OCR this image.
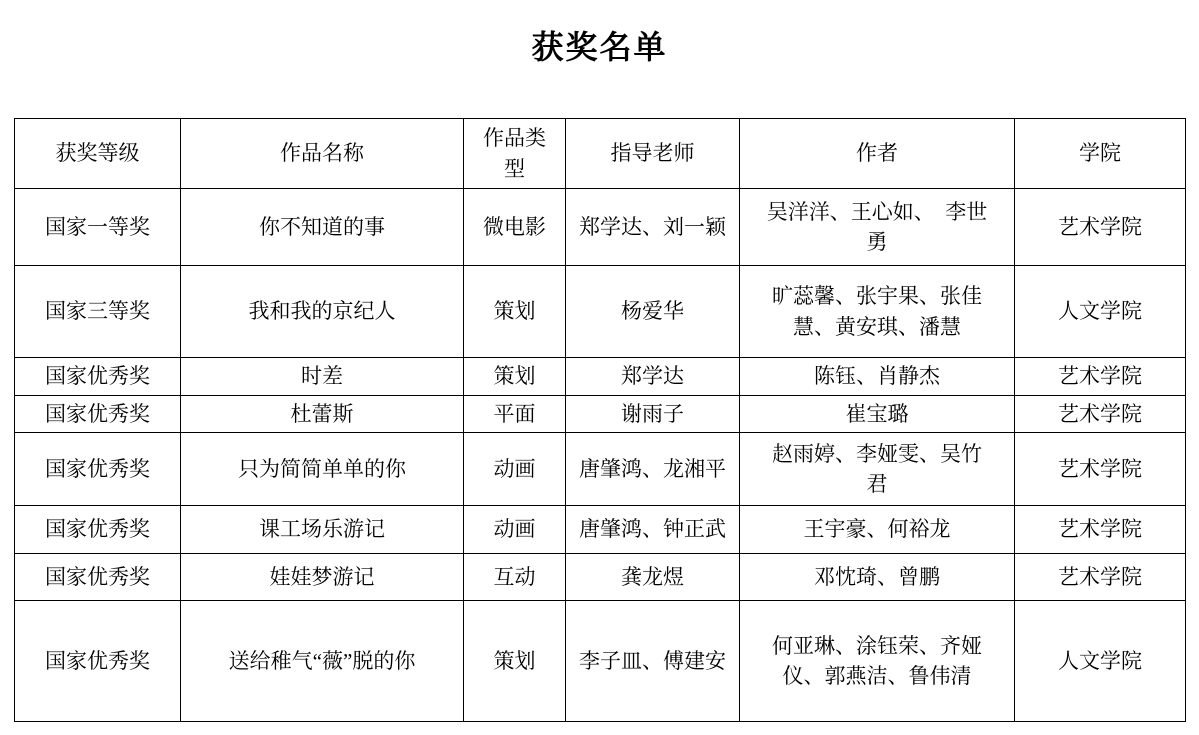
获奖名单
获奖等级	作品名称	作品类型	指导老师	作者	学院
国家一等奖	你不知道的事	微电影	郑学达、刘一颖	吴洋洋、王心如、　李世勇	艺术学院
国家三等奖	我和我的京纪人	策划	杨爱华	旷蕊馨、张宇果、张佳慧、黄安琪、潘慧	人文学院
国家优秀奖	时差	策划	郑学达	陈钰、肖静杰	艺术学院
国家优秀奖	杜蕾斯	平面	谢雨子	崔宝璐	艺术学院
国家优秀奖	只为简简单单的你	动画	唐肇鸿、龙湘平	赵雨婷、李娅雯、吴竹君	艺术学院
国家优秀奖	课工场乐游记	动画	唐肇鸿、钟正武	王宇豪、何裕龙	艺术学院
国家优秀奖	娃娃梦游记	互动	龚龙煜	邓忱琦、曾鹏	艺术学院
国家优秀奖	送给稚气“薇”脱的你	策划	李子皿、傅建安	何亚琳、涂钰荣、齐娅仪、郭燕洁、鲁伟清	人文学院
